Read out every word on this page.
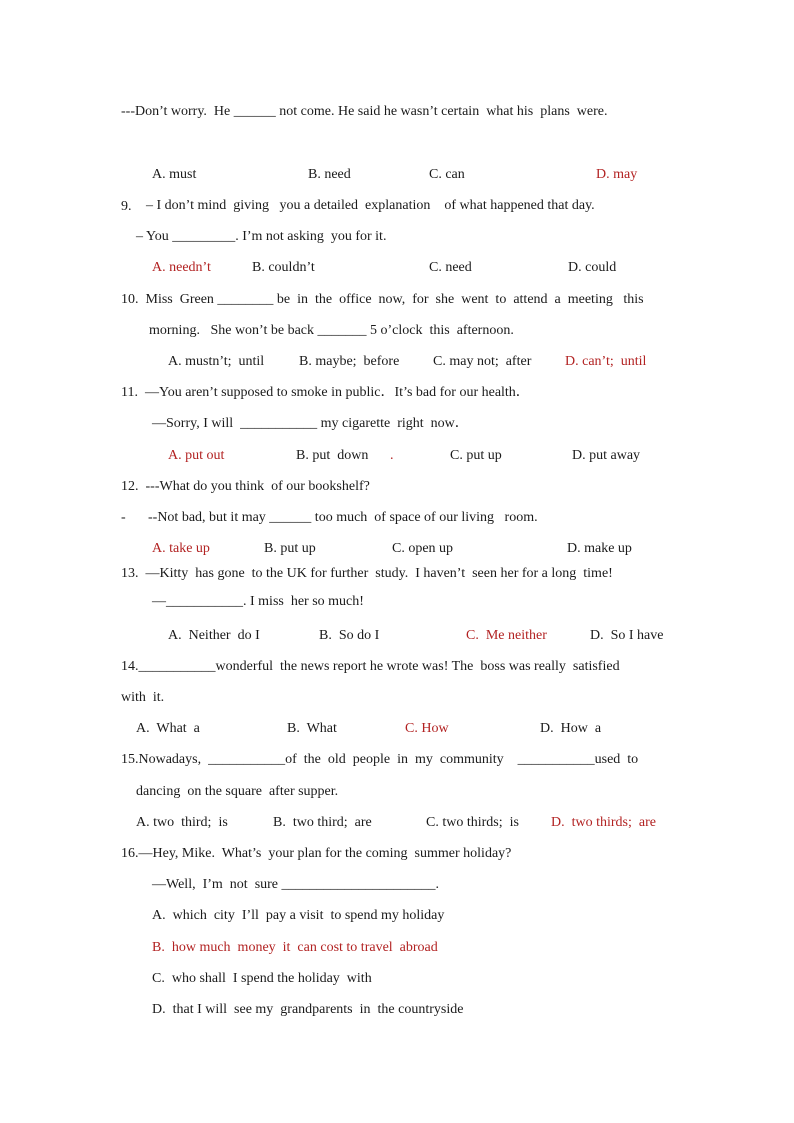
---Don’t worry.  He ______ not come. He said he wasn’t certain  what his  plans  were.
A. must	B. need	C. can	D. may
9. – I don’t mind  giving   you a detailed  explanation    of what happened that day.
– You _________. I’m not asking  you for it.
A. needn’t	B. couldn’t	C. need	D. could
10.  Miss  Green ________ be  in  the  office  now,  for  she  went  to  attend  a  meeting   this
morning.   She won’t be back _______ 5 o’clock  this  afternoon.
A. mustn’t;  until B. maybe;  before C. may not;  after D. can’t;  until
11.  —You aren’t supposed to smoke in public．It’s bad for our health．
—Sorry, I will  ___________ my cigarette  right  now．
A. put out	B. put  down .	C. put up	D. put away
12.  ---What do you think  of our bookshelf?
- --Not bad, but it may ______ too much  of space of our living   room.
A. take up	B. put up	C. open up	D. make up
13.  —Kitty  has gone  to the UK for further  study.  I haven’t  seen her for a long  time!
—___________. I miss  her so much!
A.  Neither  do I	B.  So do I	C.  Me neither	D.  So I have
14.___________wonderful  the news report he wrote was! The  boss was really  satisfied
with  it.
A.  What  a	B.  What	C. How	D.  How  a
15.Nowadays,  ___________of  the  old  people  in  my  community    ___________used  to
dancing  on the square  after supper.
A. two  third;  is	B.  two third;  are	C. two thirds;  is D.  two thirds;  are
16.—Hey, Mike.  What’s  your plan for the coming  summer holiday?
—Well,  I’m  not  sure ______________________.
A.  which  city  I’ll  pay a visit  to spend my holiday
B.  how much  money  it  can cost to travel  abroad
C.  who shall  I spend the holiday  with
D.  that I will  see my  grandparents  in  the countryside
